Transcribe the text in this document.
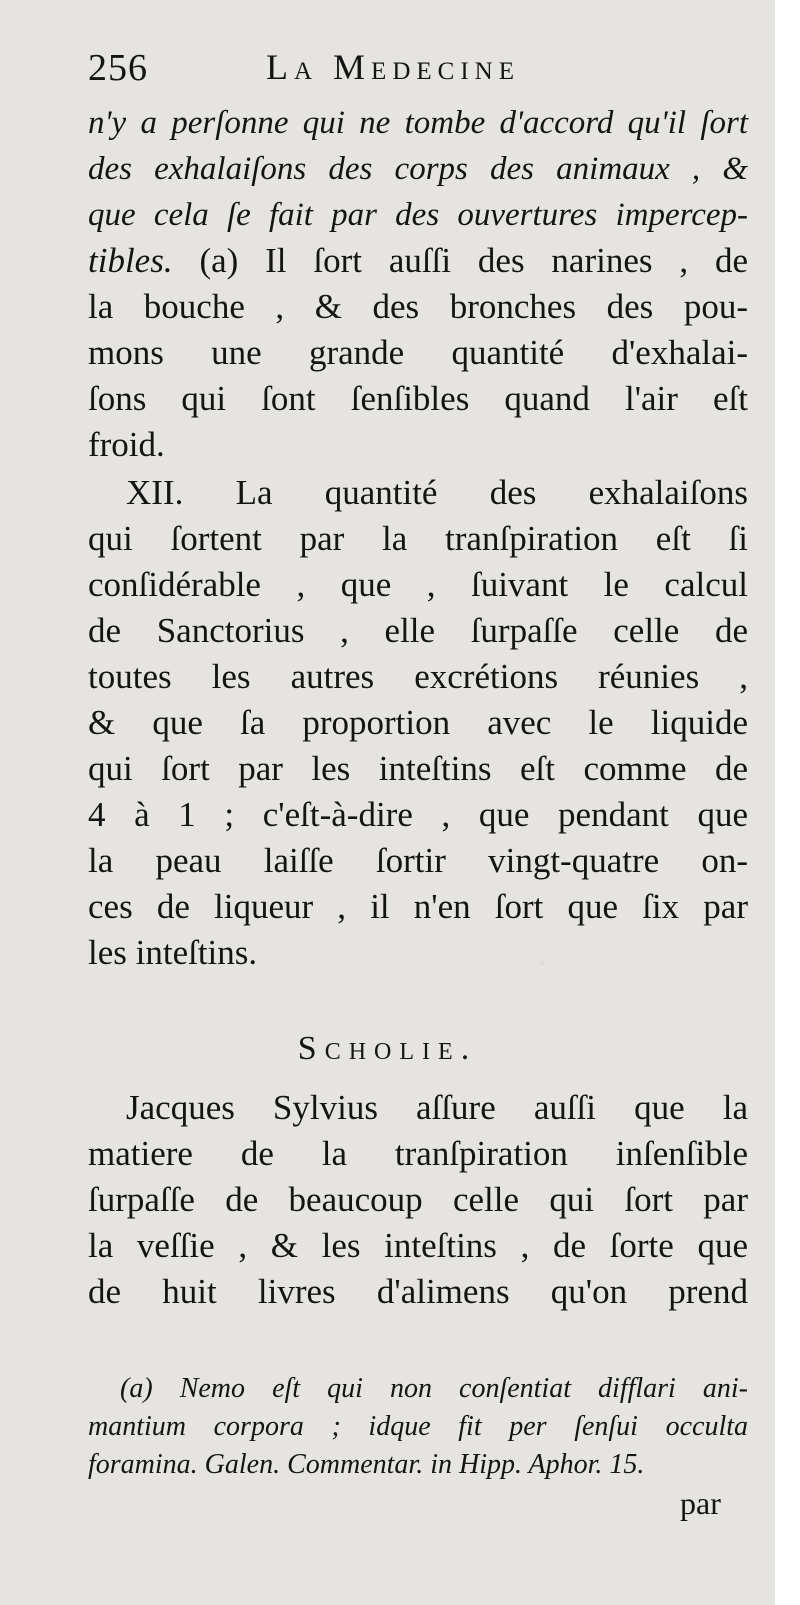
256	La Medecine
n'y a perſonne qui ne tombe d'accord qu'il ſort
des exhalaiſons des corps des animaux , &
que cela ſe fait par des ouvertures impercep-
tibles. (a) Il ſort auſſi des narines , de
la bouche , & des bronches des pou-
mons une grande quantité d'exhalai-
ſons qui ſont ſenſibles quand l'air eſt
froid.
XII. La quantité des exhalaiſons
qui ſortent par la tranſpiration eſt ſi
conſidérable , que , ſuivant le calcul
de Sanctorius , elle ſurpaſſe celle de
toutes les autres excrétions réunies ,
& que ſa proportion avec le liquide
qui ſort par les inteſtins eſt comme de
4 à 1 ; c'eſt-à-dire , que pendant que
la peau laiſſe ſortir vingt-quatre on-
ces de liqueur , il n'en ſort que ſix par
les inteſtins.
Scholie.
Jacques Sylvius aſſure auſſi que la
matiere de la tranſpiration inſenſible
ſurpaſſe de beaucoup celle qui ſort par
la veſſie , & les inteſtins , de ſorte que
de huit livres d'alimens qu'on prend
(a) Nemo eſt qui non conſentiat difflari ani-
mantium corpora ; idque fit per ſenſui occulta
foramina. Galen. Commentar. in Hipp. Aphor. 15.
par
